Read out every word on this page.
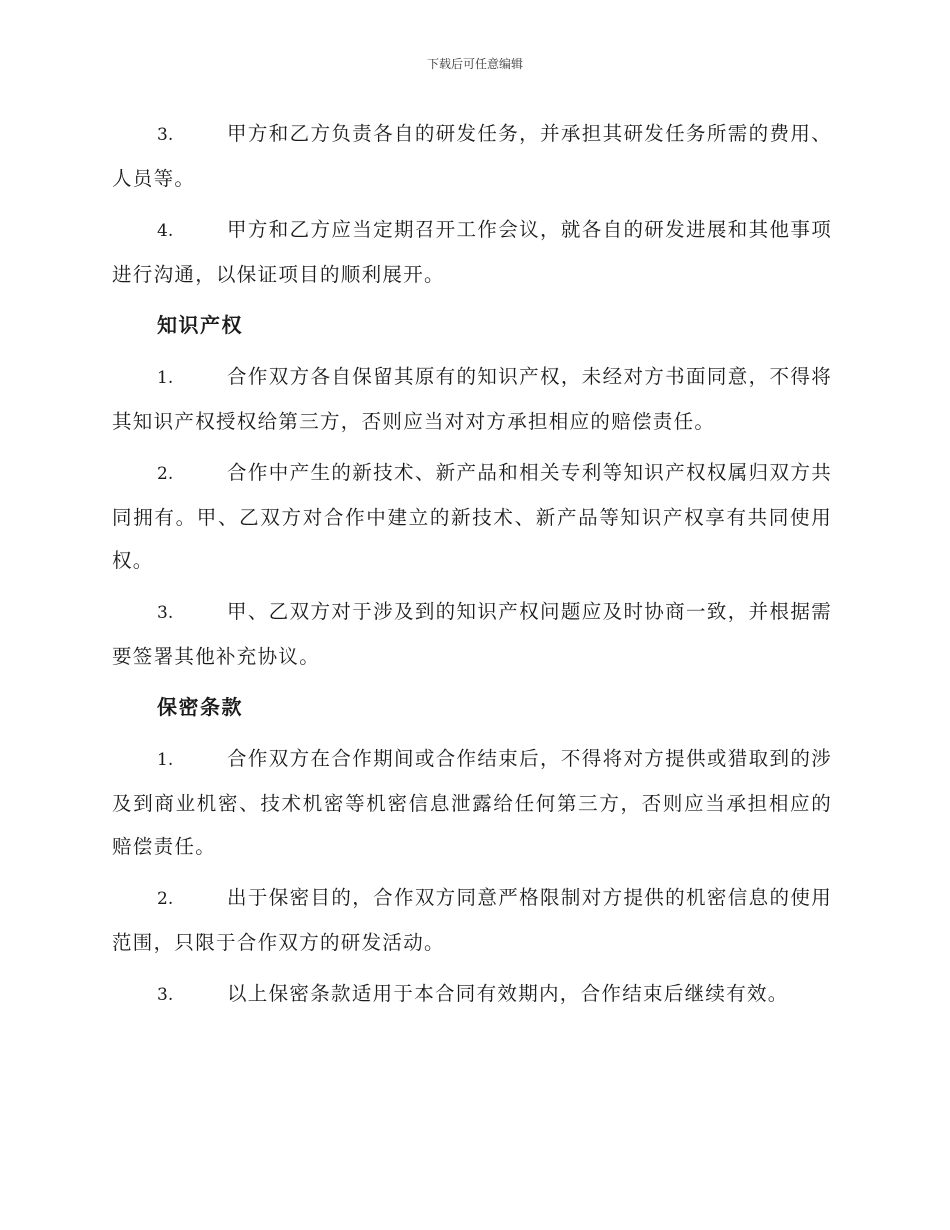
下载后可任意编辑

3.	甲方和乙方负责各自的研发任务，并承担其研发任务所需的费用、人员等。

4.	甲方和乙方应当定期召开工作会议，就各自的研发进展和其他事项进行沟通，以保证项目的顺利展开。

知识产权

1.	合作双方各自保留其原有的知识产权，未经对方书面同意，不得将其知识产权授权给第三方，否则应当对对方承担相应的赔偿责任。

2.	合作中产生的新技术、新产品和相关专利等知识产权权属归双方共同拥有。甲、乙双方对合作中建立的新技术、新产品等知识产权享有共同使用权。

3.	甲、乙双方对于涉及到的知识产权问题应及时协商一致，并根据需要签署其他补充协议。

保密条款

1.	合作双方在合作期间或合作结束后，不得将对方提供或猎取到的涉及到商业机密、技术机密等机密信息泄露给任何第三方，否则应当承担相应的赔偿责任。

2.	出于保密目的，合作双方同意严格限制对方提供的机密信息的使用范围，只限于合作双方的研发活动。

3.	以上保密条款适用于本合同有效期内，合作结束后继续有效。
